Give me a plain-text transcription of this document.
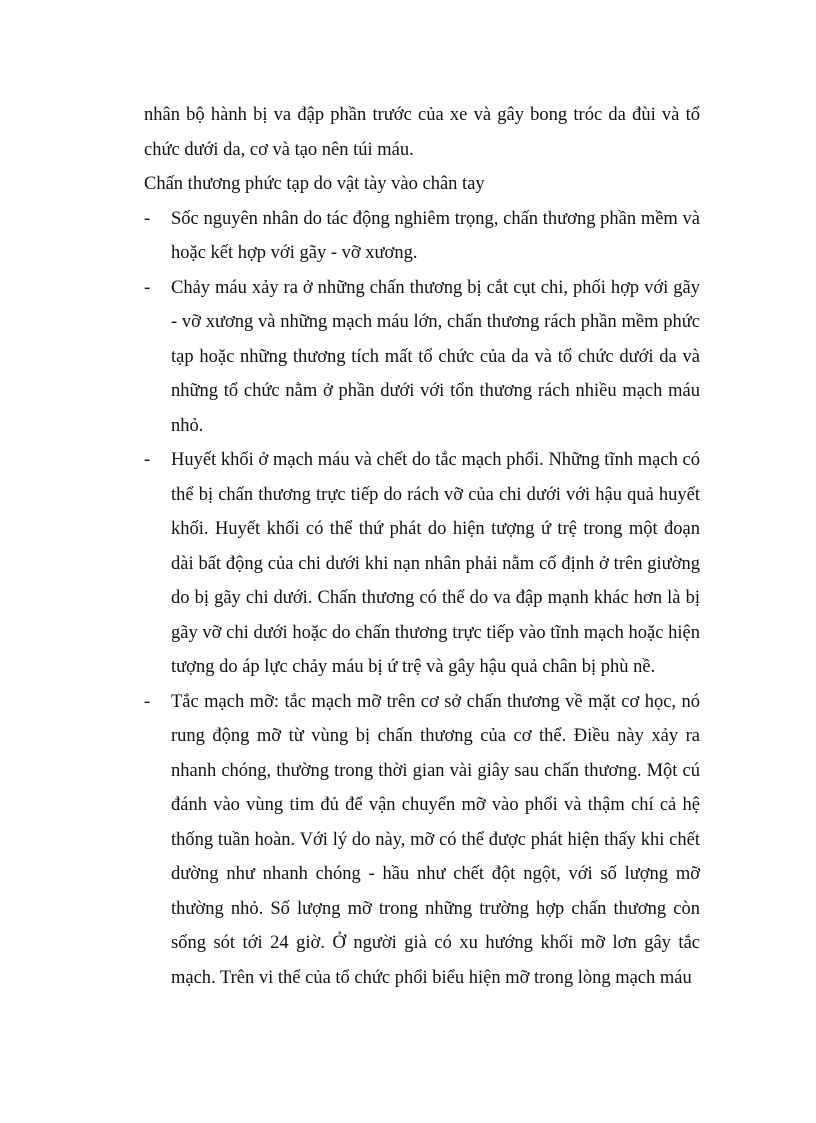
nhân bộ hành bị va đập phần trước của xe và gây bong tróc da đùi và tổ chức dưới da, cơ và tạo nên túi máu.

Chấn thương phức tạp do vật tày vào chân tay

- Sốc nguyên nhân do tác động nghiêm trọng, chấn thương phần mềm và hoặc kết hợp với gãy - vỡ xương.
- Chảy máu xảy ra ở những chấn thương bị cắt cụt chi, phối hợp với gãy - vỡ xương và những mạch máu lớn, chấn thương rách phần mềm phức tạp hoặc những thương tích mất tổ chức của da và tổ chức dưới da và những tổ chức nằm ở phần dưới với tổn thương rách nhiều mạch máu nhỏ.
- Huyết khối ở mạch máu và chết do tắc mạch phổi. Những tĩnh mạch có thể bị chấn thương trực tiếp do rách vỡ của chi dưới với hậu quả huyết khối. Huyết khối có thể thứ phát do hiện tượng ứ trệ trong một đoạn dài bất động của chi dưới khi nạn nhân phải nằm cố định ở trên giường do bị gãy chi dưới. Chấn thương có thể do va đập mạnh khác hơn là bị gãy vỡ chi dưới hoặc do chấn thương trực tiếp vào tĩnh mạch hoặc hiện tượng do áp lực chảy máu bị ứ trệ và gây hậu quả chân bị phù nề.
- Tắc mạch mỡ: tắc mạch mỡ trên cơ sở chấn thương về mặt cơ học, nó rung động mỡ từ vùng bị chấn thương của cơ thể. Điều này xảy ra nhanh chóng, thường trong thời gian vài giây sau chấn thương. Một cú đánh vào vùng tim đủ để vận chuyển mỡ vào phổi và thậm chí cả hệ thống tuần hoàn. Với lý do này, mỡ có thể được phát hiện thấy khi chết dường như nhanh chóng - hầu như chết đột ngột, với số lượng mỡ thường nhỏ. Số lượng mỡ trong những trường hợp chấn thương còn sống sót tới 24 giờ. Ở người già có xu hướng khối mỡ lơn gây tắc mạch. Trên vi thể của tổ chức phổi biểu hiện mỡ trong lòng mạch máu
